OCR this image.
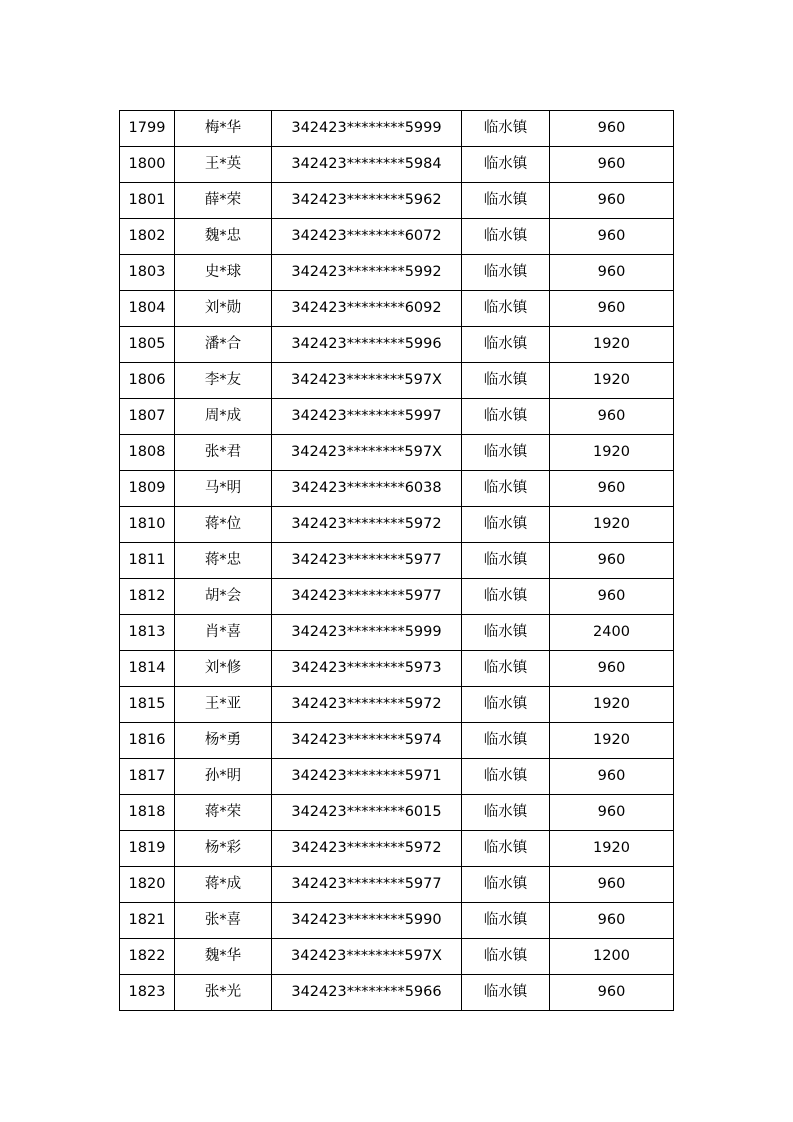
1799	梅*华	342423********5999	临水镇	960
1800	王*英	342423********5984	临水镇	960
1801	薛*荣	342423********5962	临水镇	960
1802	魏*忠	342423********6072	临水镇	960
1803	史*球	342423********5992	临水镇	960
1804	刘*勋	342423********6092	临水镇	960
1805	潘*合	342423********5996	临水镇	1920
1806	李*友	342423********597X	临水镇	1920
1807	周*成	342423********5997	临水镇	960
1808	张*君	342423********597X	临水镇	1920
1809	马*明	342423********6038	临水镇	960
1810	蒋*位	342423********5972	临水镇	1920
1811	蒋*忠	342423********5977	临水镇	960
1812	胡*会	342423********5977	临水镇	960
1813	肖*喜	342423********5999	临水镇	2400
1814	刘*修	342423********5973	临水镇	960
1815	王*亚	342423********5972	临水镇	1920
1816	杨*勇	342423********5974	临水镇	1920
1817	孙*明	342423********5971	临水镇	960
1818	蒋*荣	342423********6015	临水镇	960
1819	杨*彩	342423********5972	临水镇	1920
1820	蒋*成	342423********5977	临水镇	960
1821	张*喜	342423********5990	临水镇	960
1822	魏*华	342423********597X	临水镇	1200
1823	张*光	342423********5966	临水镇	960
